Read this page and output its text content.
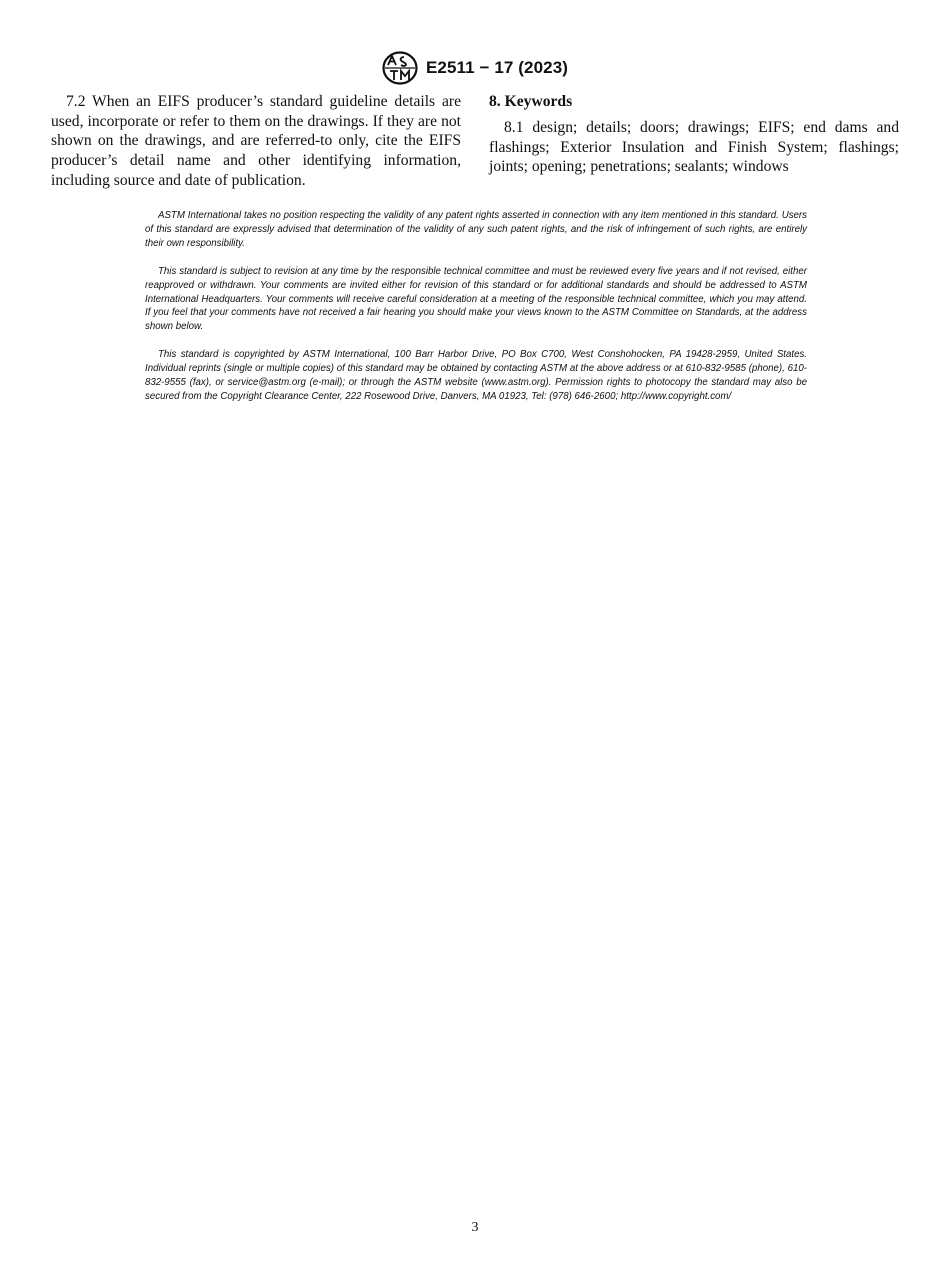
E2511 − 17 (2023)

7.2 When an EIFS producer’s standard guideline details are used, incorporate or refer to them on the drawings. If they are not shown on the drawings, and are referred-to only, cite the EIFS producer’s detail name and other identifying information, including source and date of publication.

8. Keywords

8.1 design; details; doors; drawings; EIFS; end dams and flashings; Exterior Insulation and Finish System; flashings; joints; opening; penetrations; sealants; windows

ASTM International takes no position respecting the validity of any patent rights asserted in connection with any item mentioned in this standard. Users of this standard are expressly advised that determination of the validity of any such patent rights, and the risk of infringement of such rights, are entirely their own responsibility.

This standard is subject to revision at any time by the responsible technical committee and must be reviewed every five years and if not revised, either reapproved or withdrawn. Your comments are invited either for revision of this standard or for additional standards and should be addressed to ASTM International Headquarters. Your comments will receive careful consideration at a meeting of the responsible technical committee, which you may attend. If you feel that your comments have not received a fair hearing you should make your views known to the ASTM Committee on Standards, at the address shown below.

This standard is copyrighted by ASTM International, 100 Barr Harbor Drive, PO Box C700, West Conshohocken, PA 19428-2959, United States. Individual reprints (single or multiple copies) of this standard may be obtained by contacting ASTM at the above address or at 610-832-9585 (phone), 610-832-9555 (fax), or service@astm.org (e-mail); or through the ASTM website (www.astm.org). Permission rights to photocopy the standard may also be secured from the Copyright Clearance Center, 222 Rosewood Drive, Danvers, MA 01923, Tel: (978) 646-2600; http://www.copyright.com/

3
